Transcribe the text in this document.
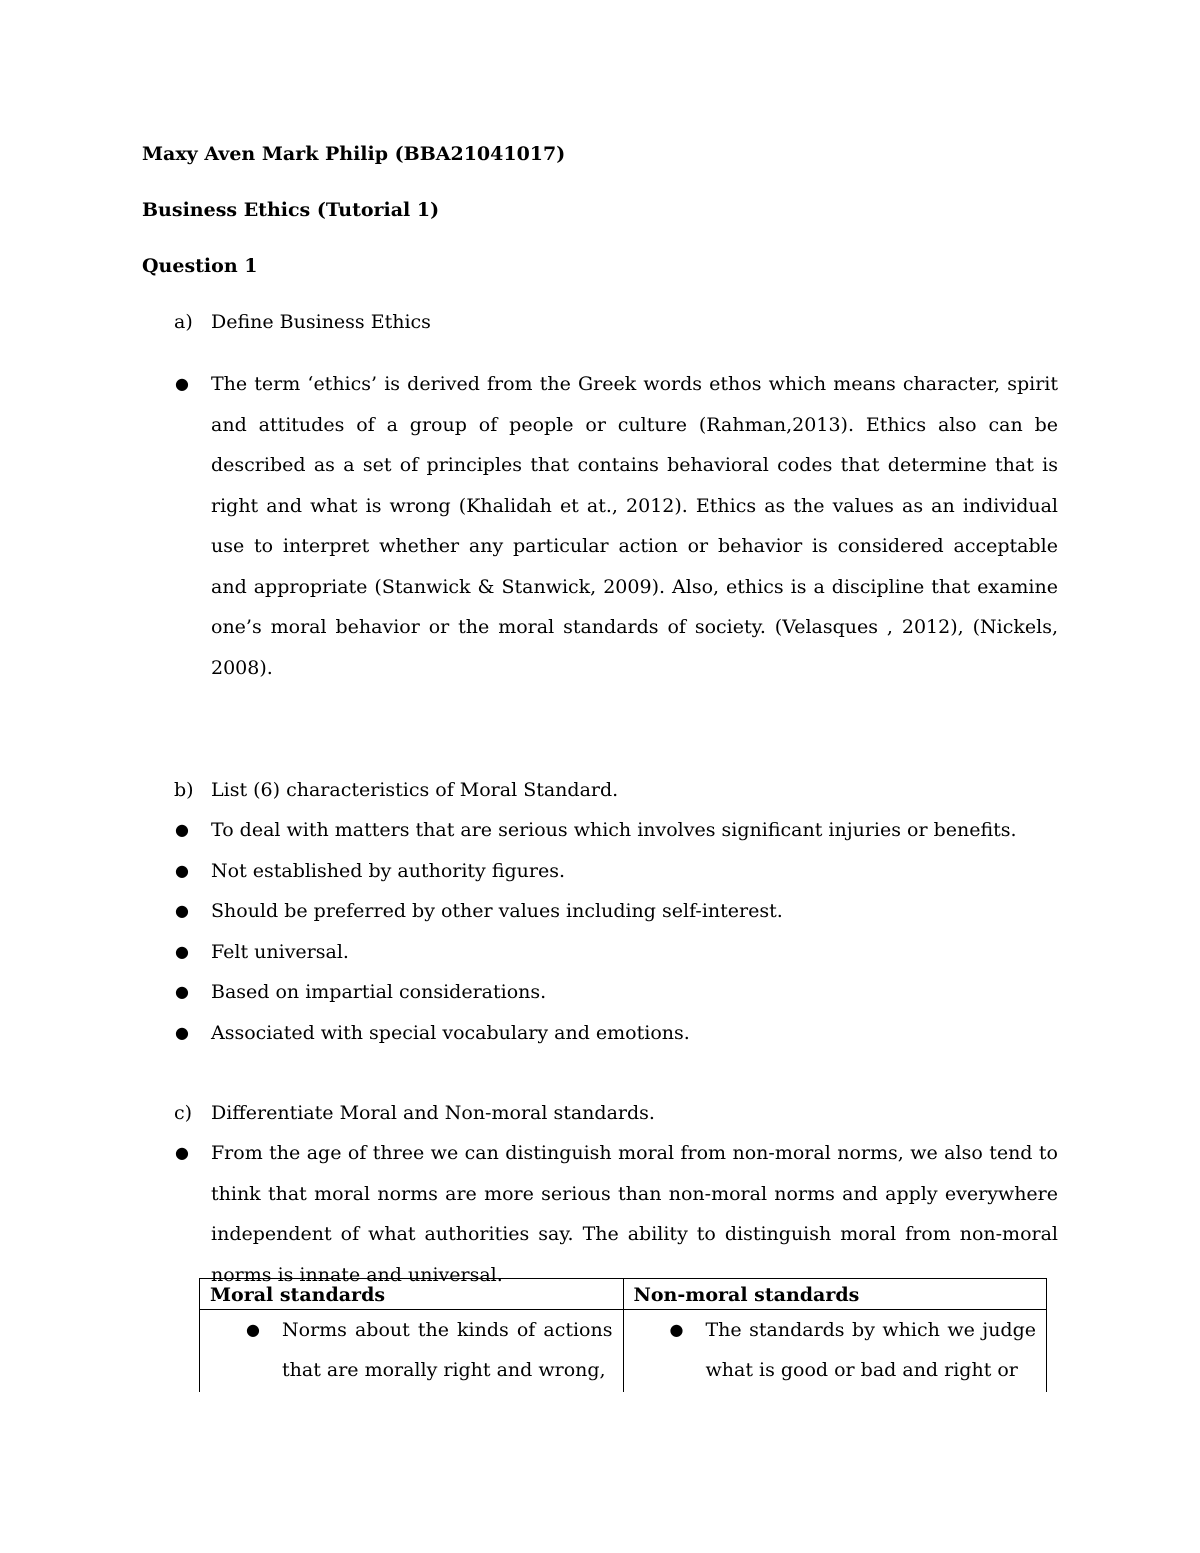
Maxy Aven Mark Philip (BBA21041017)
Business Ethics (Tutorial 1)
Question 1
a) Define Business Ethics
● The term ‘ethics’ is derived from the Greek words ethos which means character, spirit and attitudes of a group of people or culture (Rahman,2013). Ethics also can be described as a set of principles that contains behavioral codes that determine that is right and what is wrong (Khalidah et at., 2012). Ethics as the values as an individual use to interpret whether any particular action or behavior is considered acceptable and appropriate (Stanwick & Stanwick, 2009). Also, ethics is a discipline that examine one’s moral behavior or the moral standards of society. (Velasques , 2012), (Nickels, 2008).
b) List (6) characteristics of Moral Standard.
● To deal with matters that are serious which involves significant injuries or benefits.
● Not established by authority figures.
● Should be preferred by other values including self-interest.
● Felt universal.
● Based on impartial considerations.
● Associated with special vocabulary and emotions.
c) Differentiate Moral and Non-moral standards.
● From the age of three we can distinguish moral from non-moral norms, we also tend to think that moral norms are more serious than non-moral norms and apply everywhere independent of what authorities say. The ability to distinguish moral from non-moral norms is innate and universal.
Moral standards	Non-moral standards

● Norms about the kinds of actions that are morally right and wrong,	● The standards by which we judge what is good or bad and right or
